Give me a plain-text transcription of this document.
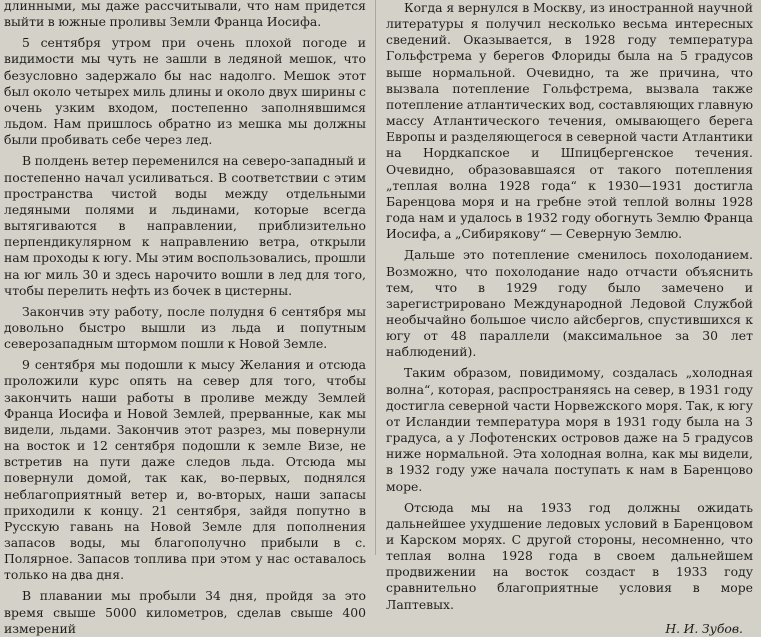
длинными, мы даже рассчитывали, что нам придется выйти в южные проливы Земли Франца Иосифа.

5 сентября утром при очень плохой погоде и видимости мы чуть не зашли в ледяной мешок, что безусловно задержало бы нас надолго. Мешок этот был около четырех миль длины и около двух ширины с очень узким входом, постепенно заполнявшимся льдом. Нам пришлось обратно из мешка мы должны были пробивать себе через лед.

В полдень ветер переменился на северо-западный и постепенно начал усиливаться. В соответствии с этим пространства чистой воды между отдельными ледяными полями и льдинами, которые всегда вытягиваются в направлении, приблизительно перпендикулярном к направлению ветра, открыли нам проходы к югу. Мы этим воспользовались, прошли на юг миль 30 и здесь нарочито вошли в лед для того, чтобы перелить нефть из бочек в цистерны.

Закончив эту работу, после полудня 6 сентября мы довольно быстро вышли из льда и попутным северозападным штормом пошли к Новой Земле.

9 сентября мы подошли к мысу Желания и отсюда проложили курс опять на север для того, чтобы закончить наши работы в проливе между Землей Франца Иосифа и Новой Землей, прерванные, как мы видели, льдами. Закончив этот разрез, мы повернули на восток и 12 сентября подошли к земле Визе, не встретив на пути даже следов льда. Отсюда мы повернули домой, так как, во-первых, поднялся неблагоприятный ветер и, во-вторых, наши запасы приходили к концу. 21 сентября, зайдя попутно в Русскую гавань на Новой Земле для пополнения запасов воды, мы благополучно прибыли в с. Полярное. Запасов топлива при этом у нас оставалось только на два дня.

В плавании мы пробыли 34 дня, пройдя за это время свыше 5000 километров, сделав свыше 400 измерений

Когда я вернулся в Москву, из иностранной научной литературы я получил несколько весьма интересных сведений. Оказывается, в 1928 году температура Гольфстрема у берегов Флориды была на 5 градусов выше нормальной. Очевидно, та же причина, что вызвала потепление Гольфстрема, вызвала также потепление атлантических вод, составляющих главную массу Атлантического течения, омывающего берега Европы и разделяющегося в северной части Атлантики на Нордкапское и Шпицбергенское течения. Очевидно, образовавшаяся от такого потепления „теплая волна 1928 года“ к 1930—1931 достигла Баренцова моря и на гребне этой теплой волны 1928 года нам и удалось в 1932 году обогнуть Землю Франца Иосифа, а „Сибирякову“ — Северную Землю.

Дальше это потепление сменилось похолоданием. Возможно, что похолодание надо отчасти объяснить тем, что в 1929 году было замечено и зарегистрировано Международной Ледовой Службой необычайно большое число айсбергов, спустившихся к югу от 48 параллели (максимальное за 30 лет наблюдений).

Таким образом, повидимому, создалась „холодная волна“, которая, распространяясь на север, в 1931 году достигла северной части Норвежского моря. Так, к югу от Исландии температура моря в 1931 году была на 3 градуса, а у Лофотенских островов даже на 5 градусов ниже нормальной. Эта холодная волна, как мы видели, в 1932 году уже начала поступать к нам в Баренцово море.

Отсюда мы на 1933 год должны ожидать дальнейшее ухудшение ледовых условий в Баренцовом и Карском морях. С другой стороны, несомненно, что теплая волна 1928 года в своем дальнейшем продвижении на восток создаст в 1933 году сравнительно благоприятные условия в море Лаптевых.

Н. И. Зубов.
